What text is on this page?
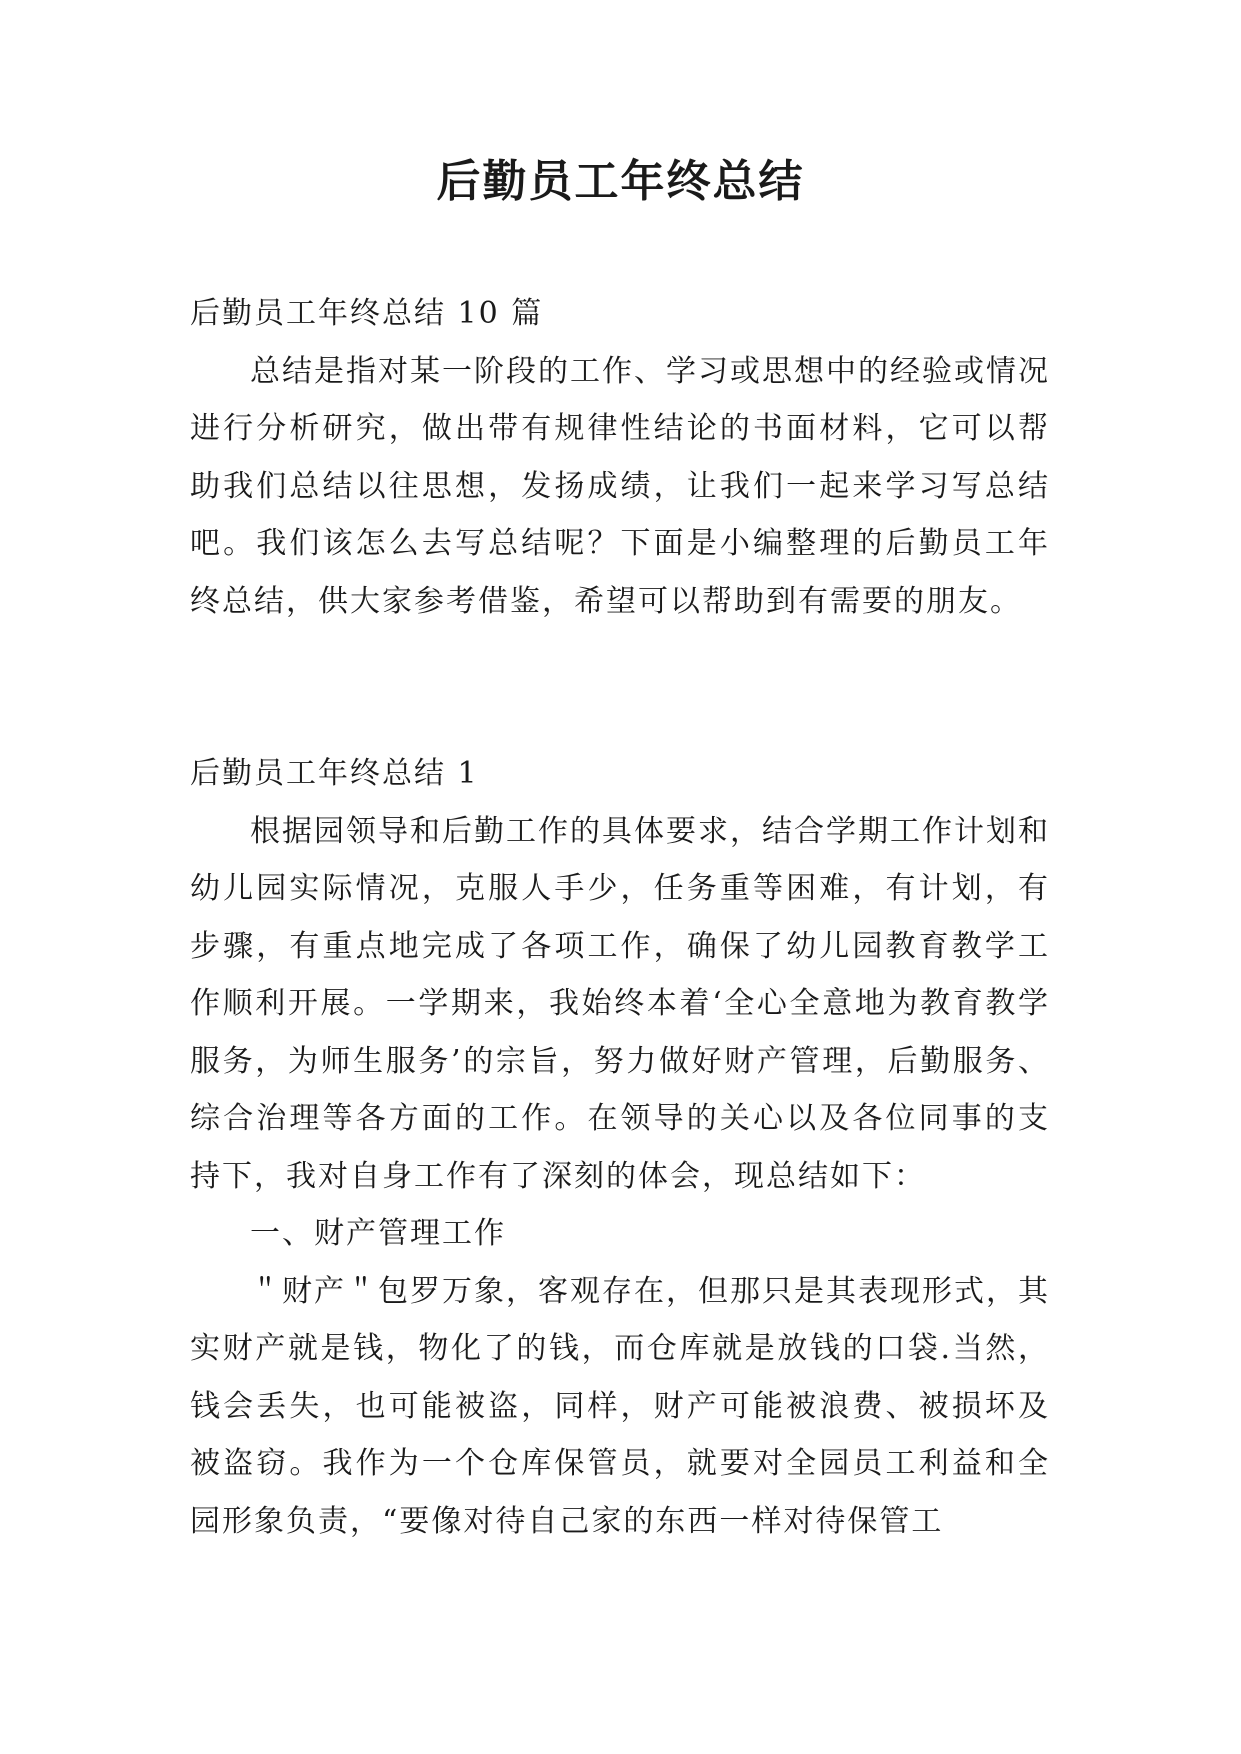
后勤员工年终总结

后勤员工年终总结 10 篇

总结是指对某一阶段的工作、学习或思想中的经验或情况进行分析研究，做出带有规律性结论的书面材料，它可以帮助我们总结以往思想，发扬成绩，让我们一起来学习写总结吧。我们该怎么去写总结呢？下面是小编整理的后勤员工年终总结，供大家参考借鉴，希望可以帮助到有需要的朋友。

后勤员工年终总结 1

根据园领导和后勤工作的具体要求，结合学期工作计划和幼儿园实际情况，克服人手少，任务重等困难，有计划，有步骤，有重点地完成了各项工作，确保了幼儿园教育教学工作顺利开展。一学期来，我始终本着‘全心全意地为教育教学服务，为师生服务’的宗旨，努力做好财产管理，后勤服务、综合治理等各方面的工作。在领导的关心以及各位同事的支持下，我对自身工作有了深刻的体会，现总结如下：

一、财产管理工作

＂财产＂包罗万象，客观存在，但那只是其表现形式，其实财产就是钱，物化了的钱，而仓库就是放钱的口袋.当然，钱会丢失，也可能被盗，同样，财产可能被浪费、被损坏及被盗窃。我作为一个仓库保管员，就要对全园员工利益和全园形象负责，“要像对待自己家的东西一样对待保管工
